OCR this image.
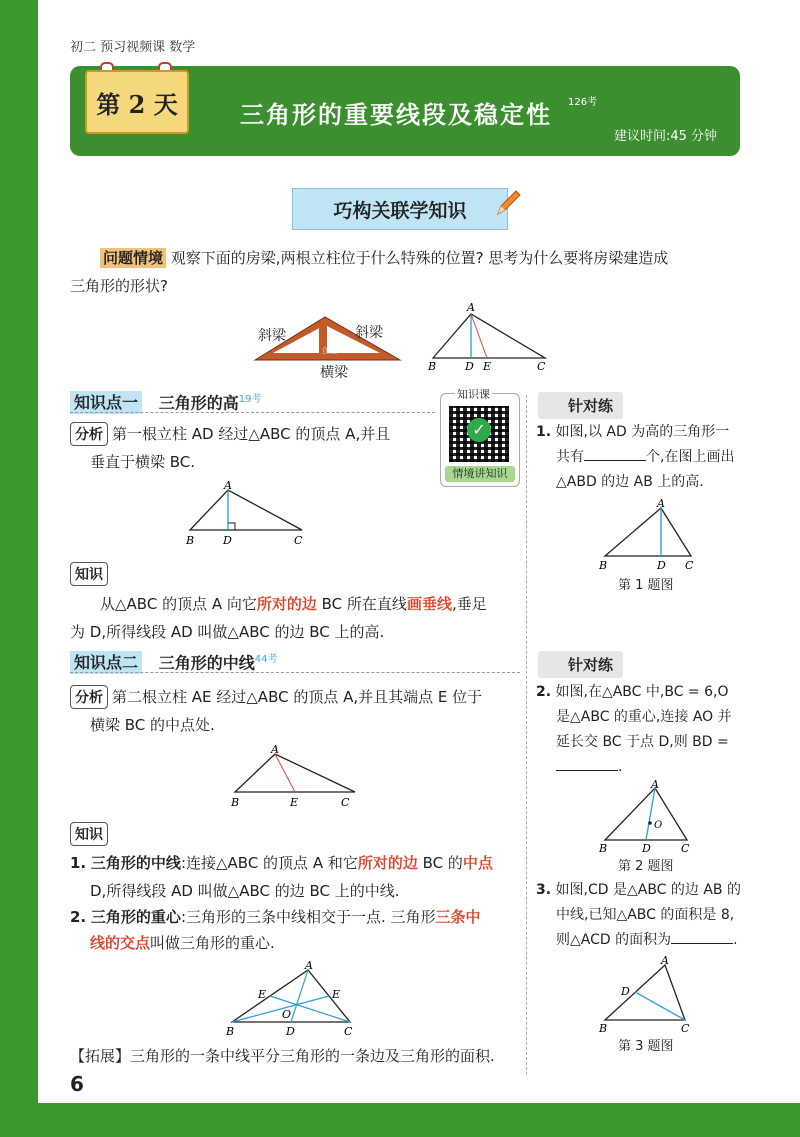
初二 预习视频课 数学
第 2 天	三角形的重要线段及稳定性 126考
建议时间:45 分钟
巧构关联学知识
问题情境 观察下面的房梁,两根立柱位于什么特殊的位置? 思考为什么要将房梁建造成
三角形的形状?
立柱
斜梁	斜梁
横梁
A
B	D E	C
知识点一 三角形的高$^{19考}$	知识课
✓
情境讲知识
分析 第一根立柱 AD 经过△ABC 的顶点 A,并且
垂直于横梁 BC.
A
B	D	C
知识
从△ABC 的顶点 A 向它所对的边 BC 所在直线画垂线,垂足
为 D,所得线段 AD 叫做△ABC 的边 BC 上的高.
知识点二 三角形的中线$^{44考}$
分析 第二根立柱 AE 经过△ABC 的顶点 A,并且其端点 E 位于
横梁 BC 的中点处.
A
B	E	C
知识
1. 三角形的中线:连接△ABC 的顶点 A 和它所对的边 BC 的中点
D,所得线段 AD 叫做△ABC 的边 BC 上的中线.
2. 三角形的重心:三角形的三条中线相交于一点. 三角形三条中
线的交点叫做三角形的重心.
A
E	E
O
B	D	C
【拓展】三角形的一条中线平分三角形的一条边及三角形的面积.
针对练
1. 如图,以 AD 为高的三角形一
共有	个,在图上画出
△ABD 的边 AB 上的高.
A
B	D C
第 1 题图
针对练
2. 如图,在△ABC 中,BC = 6,O
是△ABC 的重心,连接 AO 并
延长交 BC 于点 D,则 BD =
.
A
O
B	D	C
第 2 题图
3. 如图,CD 是△ABC 的边 AB 的
中线,已知△ABC 的面积是 8,
则△ACD 的面积为	.
A
D
B	C
第 3 题图
6
